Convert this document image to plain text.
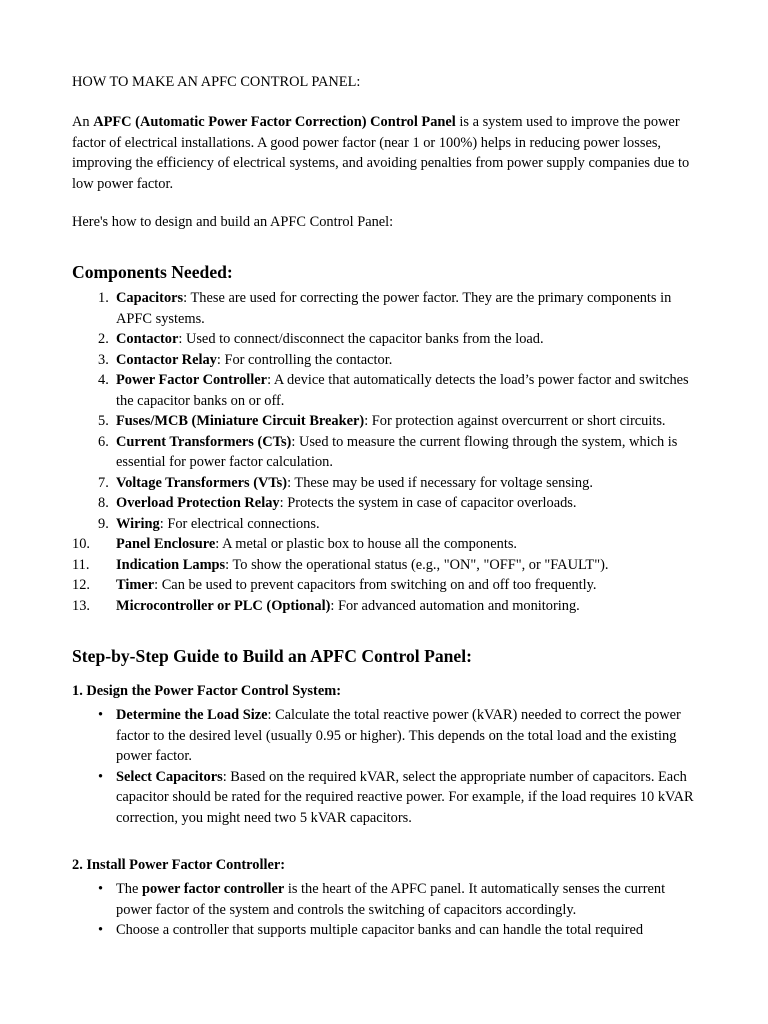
HOW TO MAKE AN APFC CONTROL PANEL:

An APFC (Automatic Power Factor Correction) Control Panel is a system used to improve the power factor of electrical installations. A good power factor (near 1 or 100%) helps in reducing power losses, improving the efficiency of electrical systems, and avoiding penalties from power supply companies due to low power factor.

Here's how to design and build an APFC Control Panel:

Components Needed:
1. Capacitors: These are used for correcting the power factor. They are the primary components in APFC systems.
2. Contactor: Used to connect/disconnect the capacitor banks from the load.
3. Contactor Relay: For controlling the contactor.
4. Power Factor Controller: A device that automatically detects the load’s power factor and switches the capacitor banks on or off.
5. Fuses/MCB (Miniature Circuit Breaker): For protection against overcurrent or short circuits.
6. Current Transformers (CTs): Used to measure the current flowing through the system, which is essential for power factor calculation.
7. Voltage Transformers (VTs): These may be used if necessary for voltage sensing.
8. Overload Protection Relay: Protects the system in case of capacitor overloads.
9. Wiring: For electrical connections.
10.	Panel Enclosure: A metal or plastic box to house all the components.
11.	Indication Lamps: To show the operational status (e.g., "ON", "OFF", or "FAULT").
12.	Timer: Can be used to prevent capacitors from switching on and off too frequently.
13.	Microcontroller or PLC (Optional): For advanced automation and monitoring.
Step-by-Step Guide to Build an APFC Control Panel:
1. Design the Power Factor Control System:
• Determine the Load Size: Calculate the total reactive power (kVAR) needed to correct the power factor to the desired level (usually 0.95 or higher). This depends on the total load and the existing power factor.
• Select Capacitors: Based on the required kVAR, select the appropriate number of capacitors. Each capacitor should be rated for the required reactive power. For example, if the load requires 10 kVAR correction, you might need two 5 kVAR capacitors.
2. Install Power Factor Controller:
• The power factor controller is the heart of the APFC panel. It automatically senses the current power factor of the system and controls the switching of capacitors accordingly.
• Choose a controller that supports multiple capacitor banks and can handle the total required
